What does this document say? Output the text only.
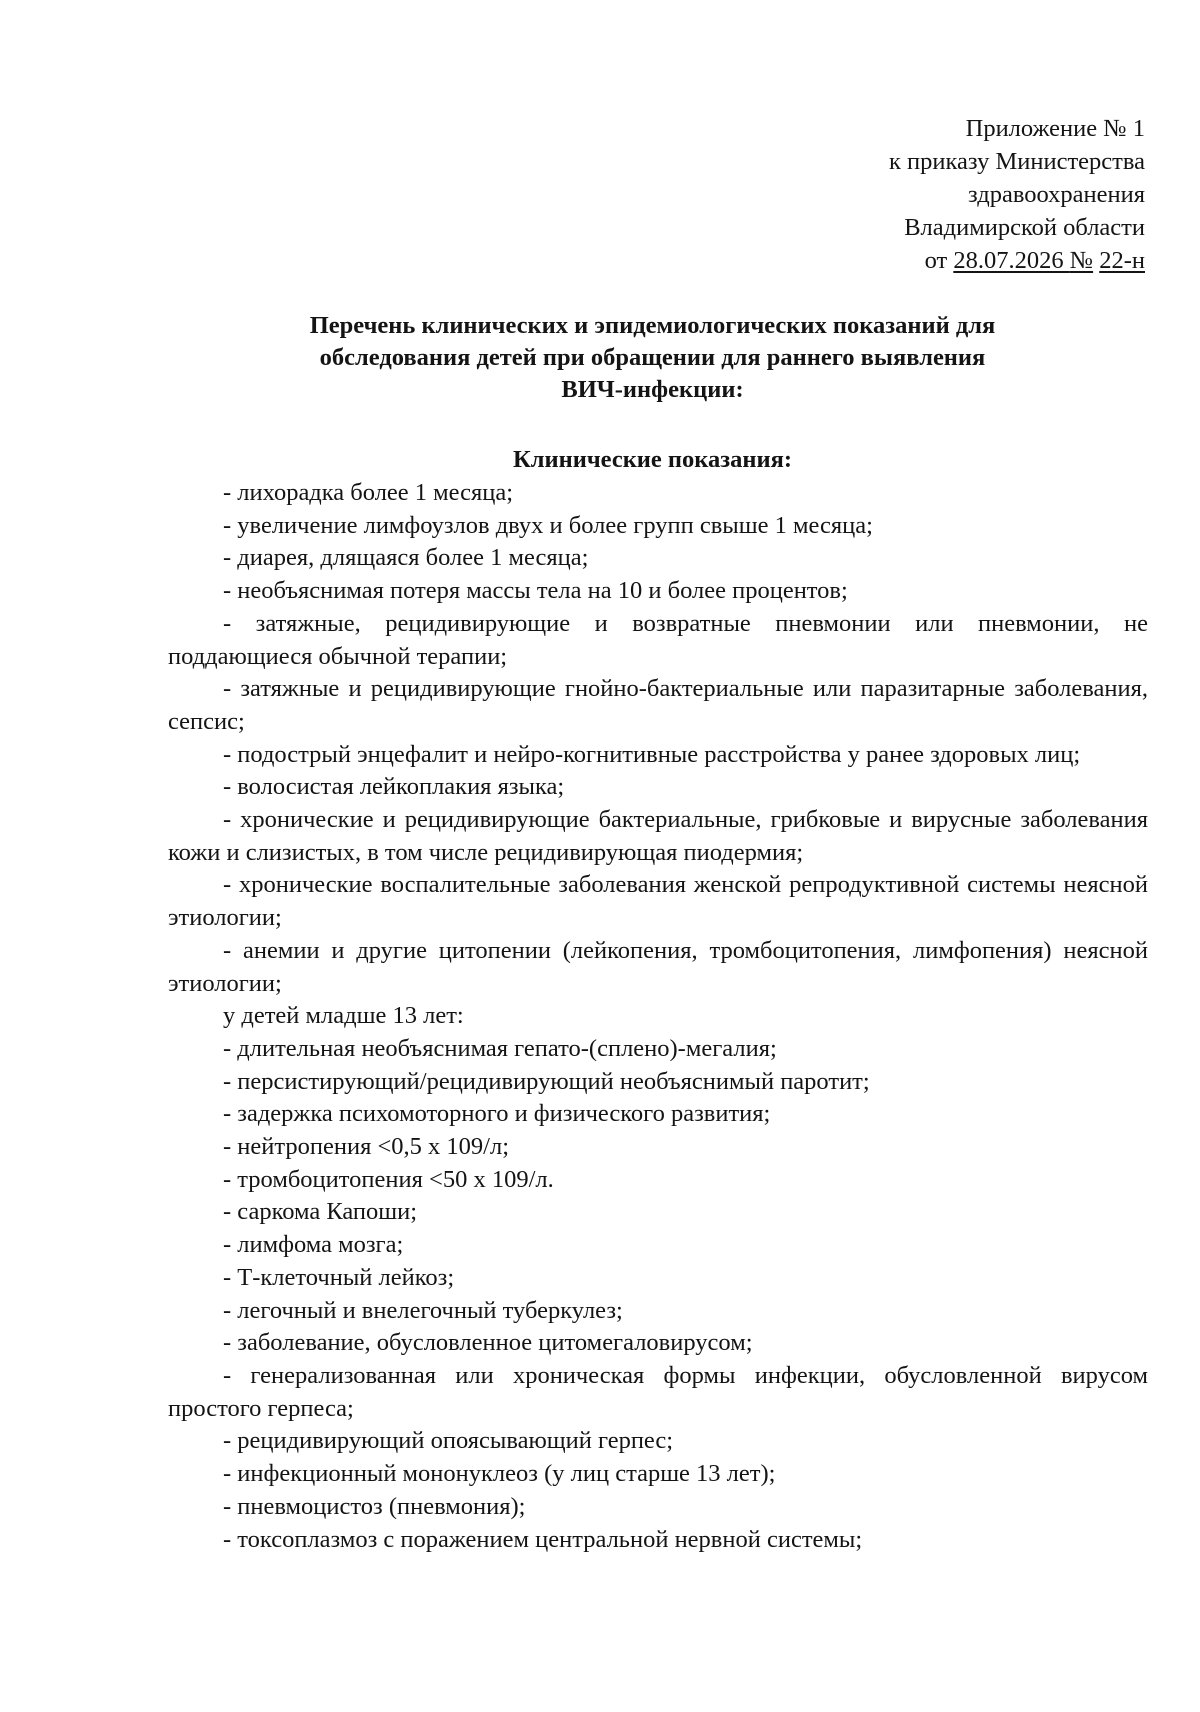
Приложение № 1
к приказу Министерства
здравоохранения
Владимирской области
от 28.07.2026 № 22-н
Перечень клинических и эпидемиологических показаний для
обследования детей при обращении для раннего выявления
ВИЧ-инфекции:
Клинические показания:

- лихорадка более 1 месяца;

- увеличение лимфоузлов двух и более групп свыше 1 месяца;

- диарея, длящаяся более 1 месяца;

- необъяснимая потеря массы тела на 10 и более процентов;

- затяжные, рецидивирующие и возвратные пневмонии или пневмонии, не поддающиеся обычной терапии;

- затяжные и рецидивирующие гнойно-бактериальные или паразитарные заболевания, сепсис;

- подострый энцефалит и нейро-когнитивные расстройства у ранее здоровых лиц;

- волосистая лейкоплакия языка;

- хронические и рецидивирующие бактериальные, грибковые и вирусные заболевания кожи и слизистых, в том числе рецидивирующая пиодермия;

- хронические воспалительные заболевания женской репродуктивной системы неясной этиологии;

- анемии и другие цитопении (лейкопения, тромбоцитопения, лимфопения) неясной этиологии;

у детей младше 13 лет:

- длительная необъяснимая гепато-(сплено)-мегалия;

- персистирующий/рецидивирующий необъяснимый паротит;

- задержка психомоторного и физического развития;

- нейтропения <0,5 х 109/л;

- тромбоцитопения <50 х 109/л.

- саркома Капоши;

- лимфома мозга;

- Т-клеточный лейкоз;

- легочный и внелегочный туберкулез;

- заболевание, обусловленное цитомегаловирусом;

- генерализованная или хроническая формы инфекции, обусловленной вирусом простого герпеса;

- рецидивирующий опоясывающий герпес;

- инфекционный мононуклеоз (у лиц старше 13 лет);

- пневмоцистоз (пневмония);

- токсоплазмоз с поражением центральной нервной системы;
